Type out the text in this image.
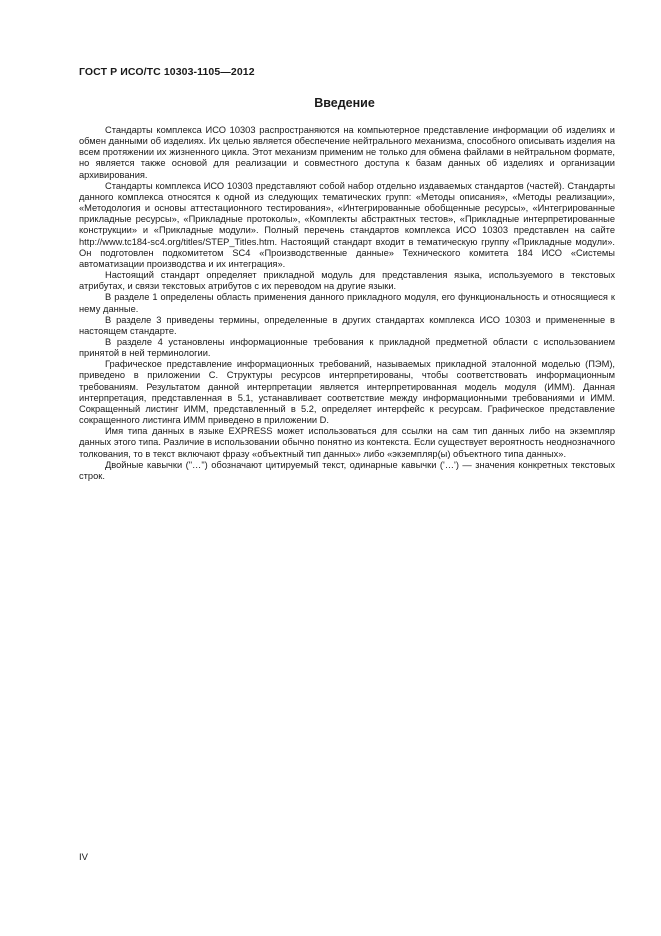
ГОСТ Р ИСО/ТС 10303-1105—2012
Введение

Стандарты комплекса ИСО 10303 распространяются на компьютерное представление информации об изделиях и обмен данными об изделиях. Их целью является обеспечение нейтрального механизма, способного описывать изделия на всем протяжении их жизненного цикла. Этот механизм применим не только для обмена файлами в нейтральном формате, но является также основой для реализации и совместного доступа к базам данных об изделиях и организации архивирования.

Стандарты комплекса ИСО 10303 представляют собой набор отдельно издаваемых стандартов (частей). Стандарты данного комплекса относятся к одной из следующих тематических групп: «Методы описания», «Методы реализации», «Методология и основы аттестационного тестирования», «Интегрированные обобщенные ресурсы», «Интегрированные прикладные ресурсы», «Прикладные протоколы», «Комплекты абстрактных тестов», «Прикладные интерпретированные конструкции» и «Прикладные модули». Полный перечень стандартов комплекса ИСО 10303 представлен на сайте http://www.tc184-sc4.org/titles/STEP_Titles.htm. Настоящий стандарт входит в тематическую группу «Прикладные модули». Он подготовлен подкомитетом SC4 «Производственные данные» Технического комитета 184 ИСО «Системы автоматизации производства и их интеграция».

Настоящий стандарт определяет прикладной модуль для представления языка, используемого в текстовых атрибутах, и связи текстовых атрибутов с их переводом на другие языки.

В разделе 1 определены область применения данного прикладного модуля, его функциональность и относящиеся к нему данные.

В разделе 3 приведены термины, определенные в других стандартах комплекса ИСО 10303 и примененные в настоящем стандарте.

В разделе 4 установлены информационные требования к прикладной предметной области с использованием принятой в ней терминологии.

Графическое представление информационных требований, называемых прикладной эталонной моделью (ПЭМ), приведено в приложении С. Структуры ресурсов интерпретированы, чтобы соответствовать информационным требованиям. Результатом данной интерпретации является интерпретированная модель модуля (ИММ). Данная интерпретация, представленная в 5.1, устанавливает соответствие между информационными требованиями и ИММ. Сокращенный листинг ИММ, представленный в 5.2, определяет интерфейс к ресурсам. Графическое представление сокращенного листинга ИММ приведено в приложении D.

Имя типа данных в языке EXPRESS может использоваться для ссылки на сам тип данных либо на экземпляр данных этого типа. Различие в использовании обычно понятно из контекста. Если существует вероятность неоднозначного толкования, то в текст включают фразу «объектный тип данных» либо «экземпляр(ы) объектного типа данных».

Двойные кавычки ("…") обозначают цитируемый текст, одинарные кавычки ('…') — значения конкретных текстовых строк.

IV
